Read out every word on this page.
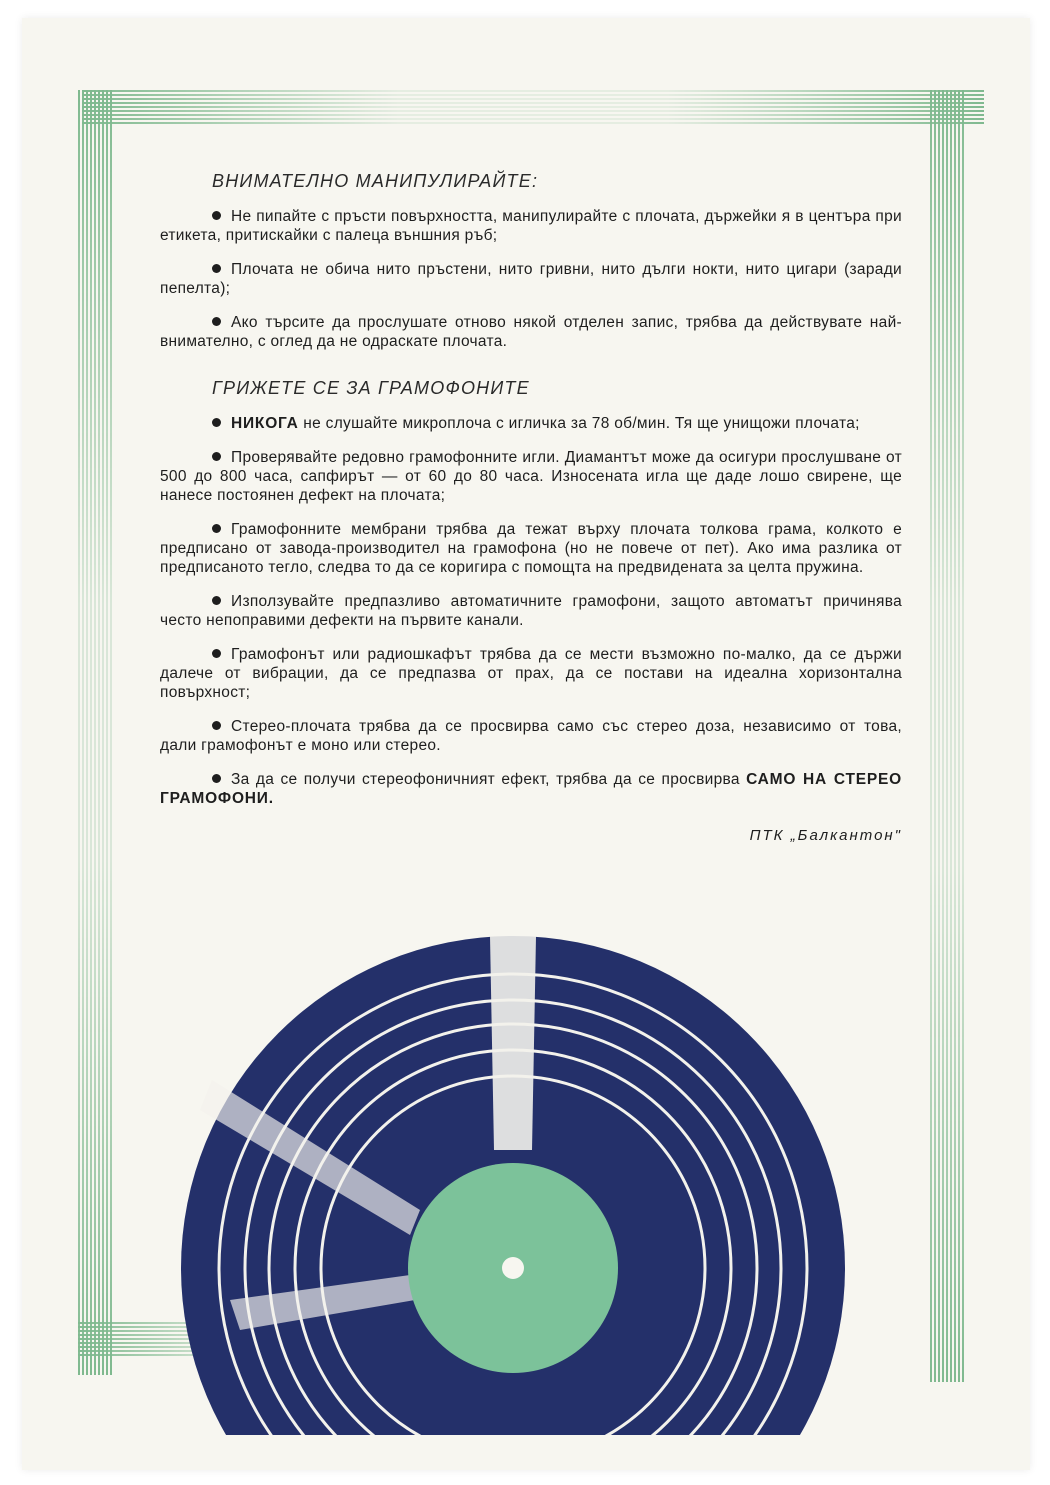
ВНИМАТЕЛНО МАНИПУЛИРАЙТЕ:

Не пипайте с пръсти повърхността, манипулирайте с плочата, държейки я в центъра при етикета, притискайки с палеца външния ръб;

Плочата не обича нито пръстени, нито гривни, нито дълги нокти, нито цигари (заради пепелта);

Ако търсите да прослушате отново някой отделен запис, трябва да действувате най-внимателно, с оглед да не одраскате плочата.

ГРИЖЕТЕ СЕ ЗА ГРАМОФОНИТЕ

НИКОГА не слушайте микроплоча с игличка за 78 об/мин. Тя ще унищожи плочата;

Проверявайте редовно грамофонните игли. Диамантът може да осигури прослушване от 500 до 800 часа, сапфирът — от 60 до 80 часа. Износената игла ще даде лошо свирене, ще нанесе постоянен дефект на плочата;

Грамофонните мембрани трябва да тежат върху плочата толкова грама, колкото е предписано от завода-производител на грамофона (но не повече от пет). Ако има разлика от предписаното тегло, следва то да се коригира с помощта на предвидената за целта пружина.

Използувайте предпазливо автоматичните грамофони, защото автоматът причинява често непоправими дефекти на първите канали.

Грамофонът или радиошкафът трябва да се мести възможно по-малко, да се държи далече от вибрации, да се предпазва от прах, да се постави на идеална хоризонтална повърхност;

Стерео-плочата трябва да се просвирва само със стерео доза, независимо от това, дали грамофонът е моно или стерео.

За да се получи стереофоничният ефект, трябва да се просвирва САМО НА СТЕРЕО ГРАМОФОНИ.

ПТК „Балкантон"
